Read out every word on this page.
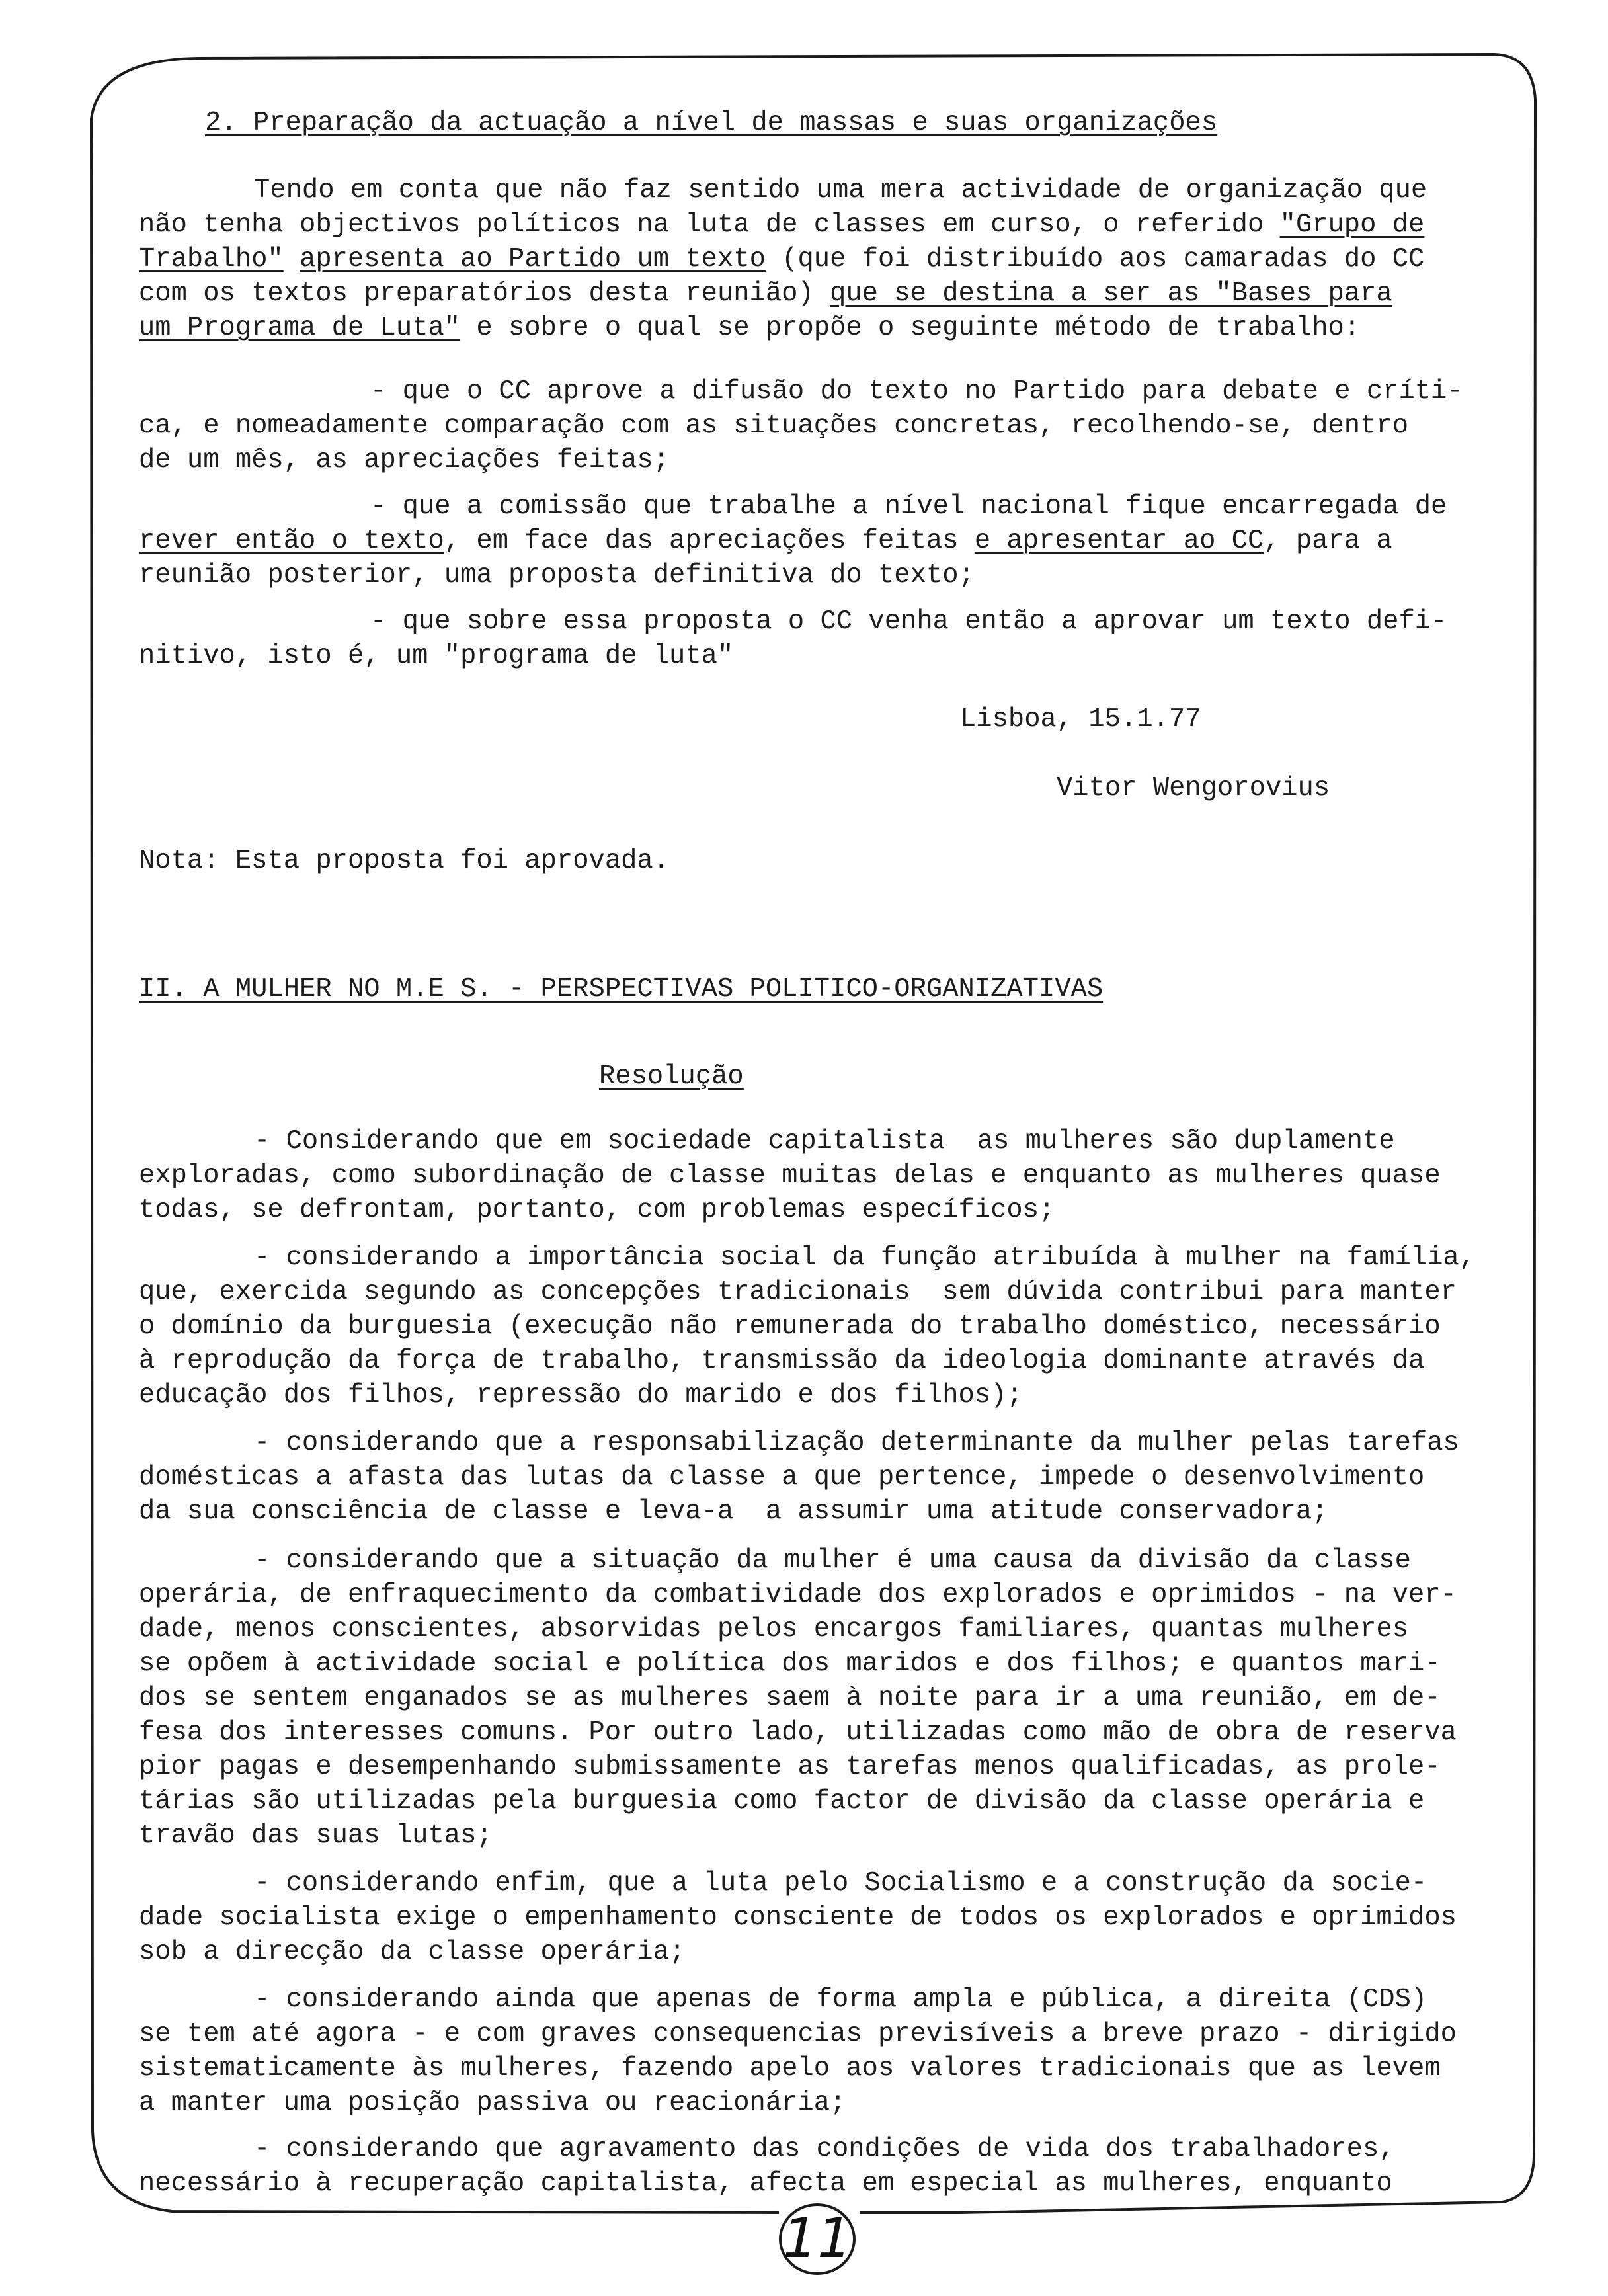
2. Preparação da actuação a nível de massas e suas organizações
Tendo em conta que não faz sentido uma mera actividade de organização que
não tenha objectivos políticos na luta de classes em curso, o referido "Grupo de
Trabalho" apresenta ao Partido um texto (que foi distribuído aos camaradas do CC
com os textos preparatórios desta reunião) que se destina a ser as "Bases para
um Programa de Luta" e sobre o qual se propõe o seguinte método de trabalho:
- que o CC aprove a difusão do texto no Partido para debate e críti-
ca, e nomeadamente comparação com as situações concretas, recolhendo-se, dentro
de um mês, as apreciações feitas;
- que a comissão que trabalhe a nível nacional fique encarregada de
rever então o texto, em face das apreciações feitas e apresentar ao CC, para a
reunião posterior, uma proposta definitiva do texto;
- que sobre essa proposta o CC venha então a aprovar um texto defi-
nitivo, isto é, um "programa de luta"
Lisboa, 15.1.77
Vitor Wengorovius
Nota: Esta proposta foi aprovada.
II. A MULHER NO M.E S. - PERSPECTIVAS POLITICO-ORGANIZATIVAS
Resolução
- Considerando que em sociedade capitalista  as mulheres são duplamente
exploradas, como subordinação de classe muitas delas e enquanto as mulheres quase
todas, se defrontam, portanto, com problemas específicos;
- considerando a importância social da função atribuída à mulher na família,
que, exercida segundo as concepções tradicionais  sem dúvida contribui para manter
o domínio da burguesia (execução não remunerada do trabalho doméstico, necessário
à reprodução da força de trabalho, transmissão da ideologia dominante através da
educação dos filhos, repressão do marido e dos filhos);
- considerando que a responsabilização determinante da mulher pelas tarefas
domésticas a afasta das lutas da classe a que pertence, impede o desenvolvimento
da sua consciência de classe e leva-a  a assumir uma atitude conservadora;
- considerando que a situação da mulher é uma causa da divisão da classe
operária, de enfraquecimento da combatividade dos explorados e oprimidos - na ver-
dade, menos conscientes, absorvidas pelos encargos familiares, quantas mulheres
se opõem à actividade social e política dos maridos e dos filhos; e quantos mari-
dos se sentem enganados se as mulheres saem à noite para ir a uma reunião, em de-
fesa dos interesses comuns. Por outro lado, utilizadas como mão de obra de reserva
pior pagas e desempenhando submissamente as tarefas menos qualificadas, as prole-
tárias são utilizadas pela burguesia como factor de divisão da classe operária e
travão das suas lutas;
- considerando enfim, que a luta pelo Socialismo e a construção da socie-
dade socialista exige o empenhamento consciente de todos os explorados e oprimidos
sob a direcção da classe operária;
- considerando ainda que apenas de forma ampla e pública, a direita (CDS)
se tem até agora - e com graves consequencias previsíveis a breve prazo - dirigido
sistematicamente às mulheres, fazendo apelo aos valores tradicionais que as levem
a manter uma posição passiva ou reacionária;
- considerando que agravamento das condições de vida dos trabalhadores,
necessário à recuperação capitalista, afecta em especial as mulheres, enquanto
11
